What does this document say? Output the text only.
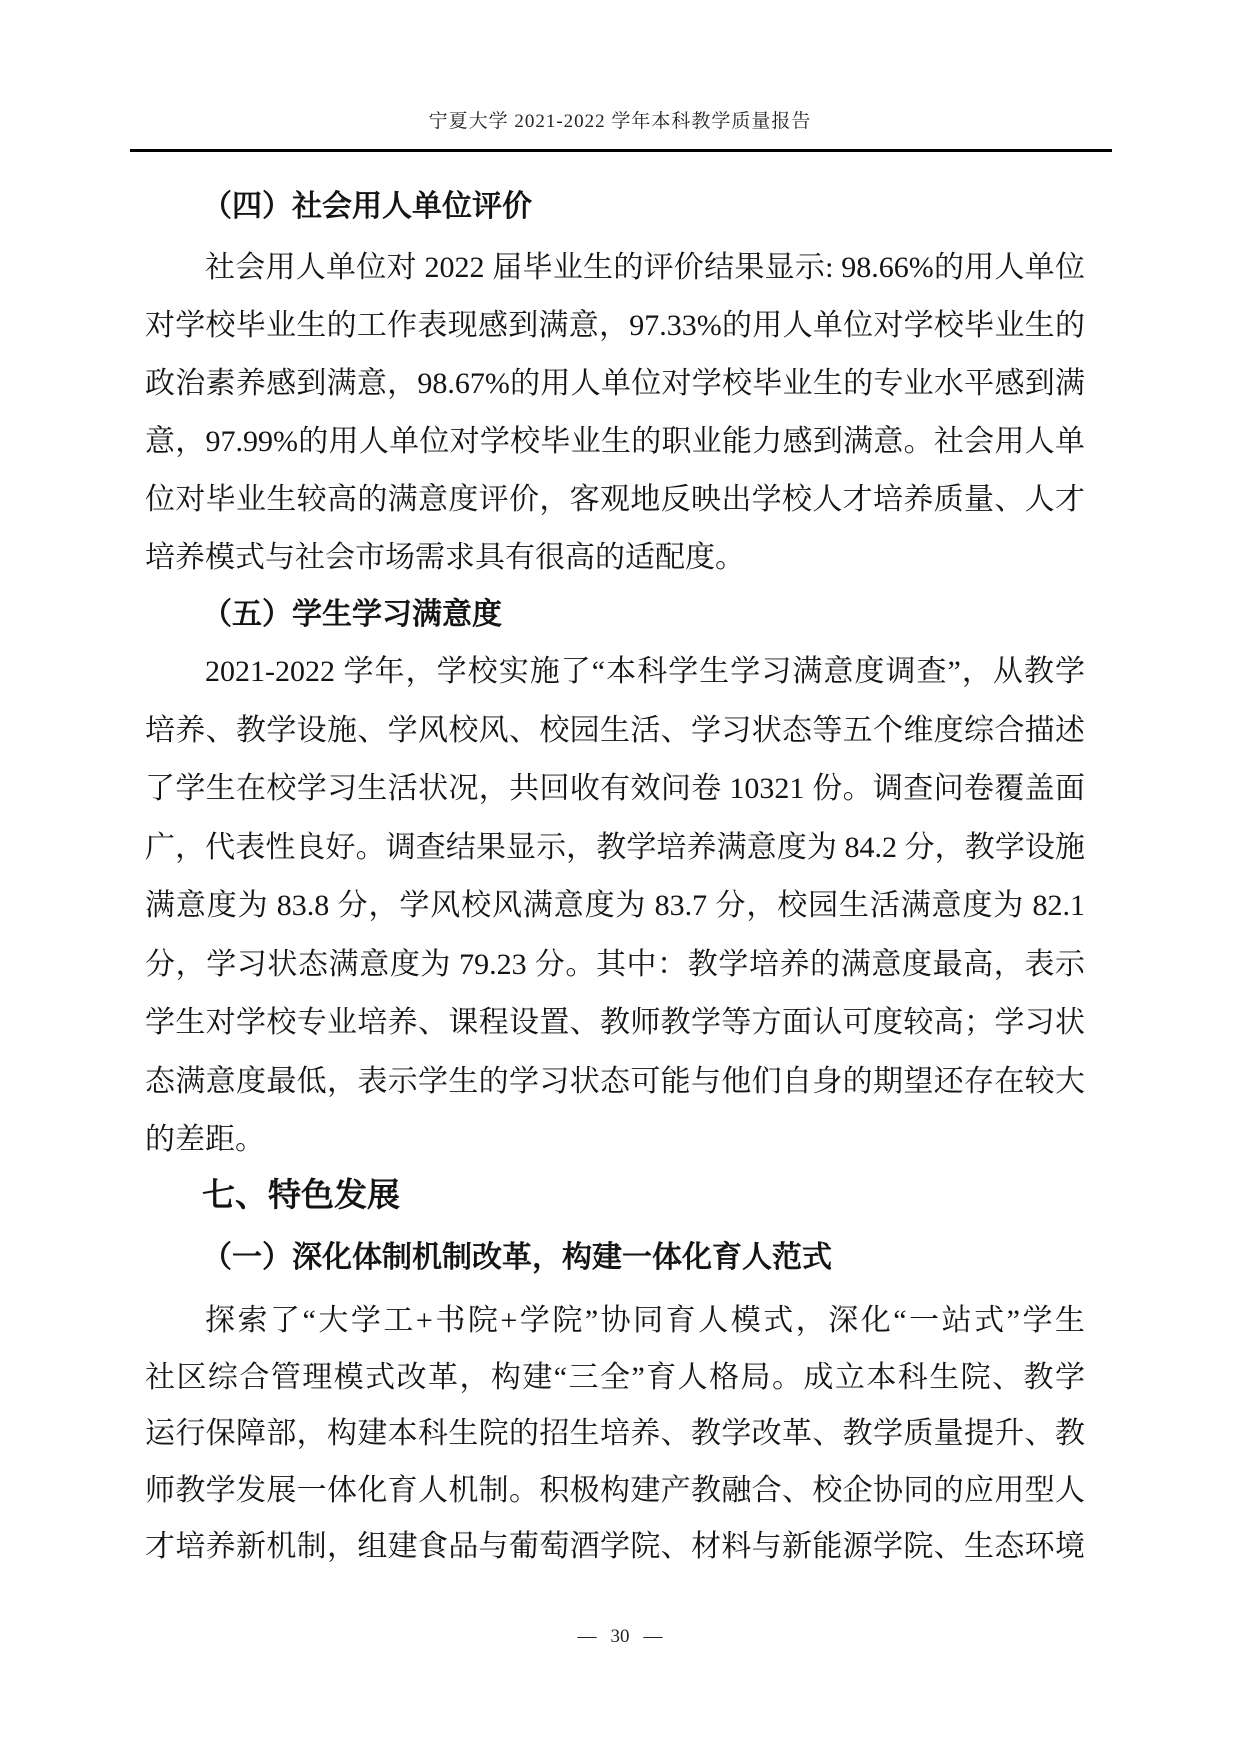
宁夏大学 2021-2022 学年本科教学质量报告
（四）社会用人单位评价
社会用人单位对 2022 届毕业生的评价结果显示: 98.66%的用人单位
对学校毕业生的工作表现感到满意，97.33%的用人单位对学校毕业生的
政治素养感到满意，98.67%的用人单位对学校毕业生的专业水平感到满
意，97.99%的用人单位对学校毕业生的职业能力感到满意。社会用人单
位对毕业生较高的满意度评价，客观地反映出学校人才培养质量、人才
培养模式与社会市场需求具有很高的适配度。
（五）学生学习满意度
2021-2022 学年，学校实施了“本科学生学习满意度调查”，从教学
培养、教学设施、学风校风、校园生活、学习状态等五个维度综合描述
了学生在校学习生活状况，共回收有效问卷 10321 份。调查问卷覆盖面
广，代表性良好。调查结果显示，教学培养满意度为 84.2 分，教学设施
满意度为 83.8 分，学风校风满意度为 83.7 分，校园生活满意度为 82.1
分，学习状态满意度为 79.23 分。其中：教学培养的满意度最高，表示
学生对学校专业培养、课程设置、教师教学等方面认可度较高；学习状
态满意度最低，表示学生的学习状态可能与他们自身的期望还存在较大
的差距。
七、特色发展
（一）深化体制机制改革，构建一体化育人范式
探索了“大学工+书院+学院”协同育人模式，深化“一站式”学生
社区综合管理模式改革，构建“三全”育人格局。成立本科生院、教学
运行保障部，构建本科生院的招生培养、教学改革、教学质量提升、教
师教学发展一体化育人机制。积极构建产教融合、校企协同的应用型人
才培养新机制，组建食品与葡萄酒学院、材料与新能源学院、生态环境
— 30 —
